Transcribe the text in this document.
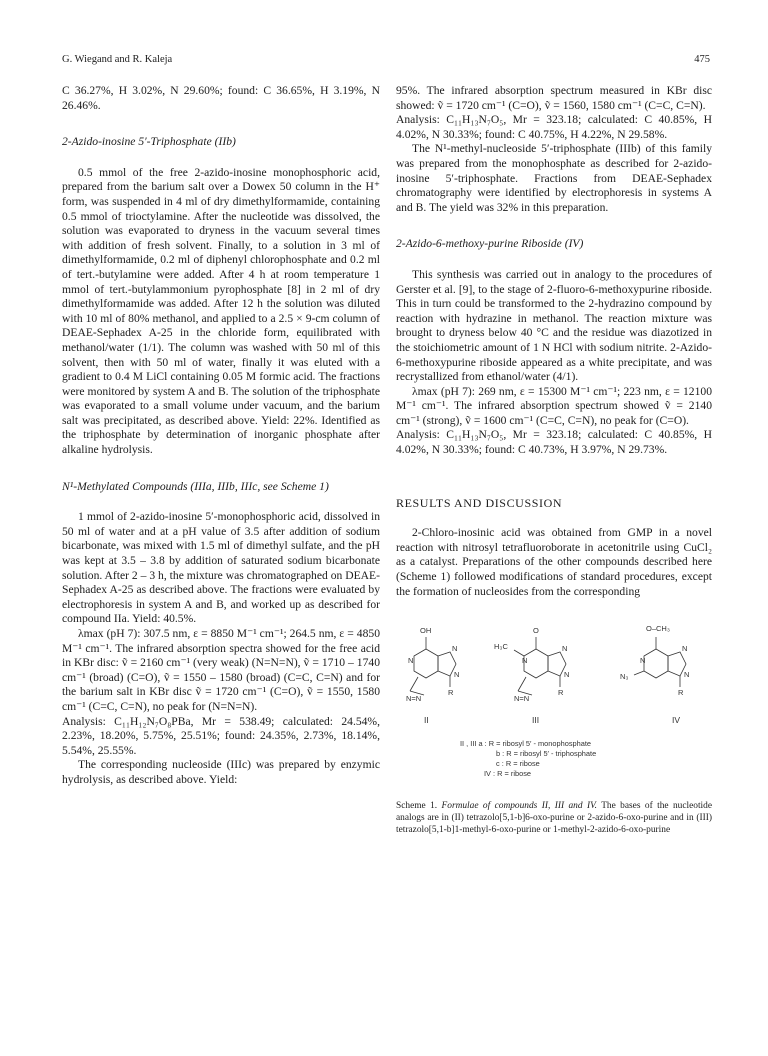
G. Wiegand and R. Kaleja	475

C 36.27%, H 3.02%, N 29.60%; found: C 36.65%, H 3.19%, N 26.46%.

2-Azido-inosine 5′-Triphosphate (IIb)

0.5 mmol of the free 2-azido-inosine monophosphoric acid, prepared from the barium salt over a Dowex 50 column in the H⁺ form, was suspended in 4 ml of dry dimethylformamide, containing 0.5 mmol of trioctylamine. After the nucleotide was dissolved, the solution was evaporated to dryness in the vacuum several times with addition of fresh solvent. Finally, to a solution in 3 ml of dimethylformamide, 0.2 ml of diphenyl chlorophosphate and 0.2 ml of tert.-butylamine were added. After 4 h at room temperature 1 mmol of tert.-butylammonium pyrophosphate [8] in 2 ml of dry dimethylformamide was added. After 12 h the solution was diluted with 10 ml of 80% methanol, and applied to a 2.5 × 9-cm column of DEAE-Sephadex A-25 in the chloride form, equilibrated with methanol/water (1/1). The column was washed with 50 ml of this solvent, then with 50 ml of water, finally it was eluted with a gradient to 0.4 M LiCl containing 0.05 M formic acid. The fractions were monitored by system A and B. The solution of the triphosphate was evaporated to a small volume under vacuum, and the barium salt was precipitated, as described above. Yield: 22%. Identified as the triphosphate by determination of inorganic phosphate after alkaline hydrolysis.

N¹-Methylated Compounds (IIIa, IIIb, IIIc, see Scheme 1)

1 mmol of 2-azido-inosine 5′-monophosphoric acid, dissolved in 50 ml of water and at a pH value of 3.5 after addition of sodium bicarbonate, was mixed with 1.5 ml of dimethyl sulfate, and the pH was kept at 3.5 – 3.8 by addition of saturated sodium bicarbonate solution. After 2 – 3 h, the mixture was chromatographed on DEAE-Sephadex A-25 as described above. The fractions were evaluated by electrophoresis in system A and B, and worked up as described for compound IIa. Yield: 40.5%.

λmax (pH 7): 307.5 nm, ε = 8850 M⁻¹ cm⁻¹; 264.5 nm, ε = 4850 M⁻¹ cm⁻¹. The infrared absorption spectra showed for the free acid in KBr disc: ṽ = 2160 cm⁻¹ (very weak) (N=N=N), ṽ = 1710 – 1740 cm⁻¹ (broad) (C=O), ṽ = 1550 – 1580 (broad) (C=C, C=N) and for the barium salt in KBr disc ṽ = 1720 cm⁻¹ (C=O), ṽ = 1550, 1580 cm⁻¹ (C=C, C=N), no peak for (N=N=N).

Analysis: C₁₁H₁₂N₇O₈PBa, Mr = 538.49; calculated: 24.54%, 2.23%, 18.20%, 5.75%, 25.51%; found: 24.35%, 2.73%, 18.14%, 5.54%, 25.55%.

The corresponding nucleoside (IIIc) was prepared by enzymic hydrolysis, as described above. Yield:

95%. The infrared absorption spectrum measured in KBr disc showed: ṽ = 1720 cm⁻¹ (C=O), ṽ = 1560, 1580 cm⁻¹ (C=C, C=N).

Analysis: C₁₁H₁₃N₇O₅, Mr = 323.18; calculated: C 40.85%, H 4.02%, N 30.33%; found: C 40.75%, H 4.22%, N 29.58%.

The N¹-methyl-nucleoside 5′-triphosphate (IIIb) of this family was prepared from the monophosphate as described for 2-azido-inosine 5′-triphosphate. Fractions from DEAE-Sephadex chromatography were identified by electrophoresis in systems A and B. The yield was 32% in this preparation.

2-Azido-6-methoxy-purine Riboside (IV)

This synthesis was carried out in analogy to the procedures of Gerster et al. [9], to the stage of 2-fluoro-6-methoxypurine riboside. This in turn could be transformed to the 2-hydrazino compound by reaction with hydrazine in methanol. The reaction mixture was brought to dryness below 40 °C and the residue was diazotized in the stoichiometric amount of 1 N HCl with sodium nitrite. 2-Azido-6-methoxypurine riboside appeared as a white precipitate, and was recrystallized from ethanol/water (4/1).

λmax (pH 7): 269 nm, ε = 15300 M⁻¹ cm⁻¹; 223 nm, ε = 12100 M⁻¹ cm⁻¹. The infrared absorption spectrum showed ṽ = 2140 cm⁻¹ (strong), ṽ = 1600 cm⁻¹ (C=C, C=N), no peak for (C=O).

Analysis: C₁₁H₁₃N₇O₅, Mr = 323.18; calculated: C 40.85%, H 4.02%, N 30.33%; found: C 40.73%, H 3.97%, N 29.73%.

RESULTS AND DISCUSSION

2-Chloro-inosinic acid was obtained from GMP in a novel reaction with nitrosyl tetrafluoroborate in acetonitrile using CuCl₂ as a catalyst. Preparations of the other compounds described here (Scheme 1) followed modifications of standard procedures, except the formation of nucleosides from the corresponding

OH
N
N
N
N=N
R
II
O
H₃C
N
N
N
N=N
R
III
O–CH₃
N
N
N
N₃
R
IV
II , III a : R = ribosyl 5′ - monophosphate
b : R = ribosyl 5′ - triphosphate
c : R = ribose
IV : R = ribose
Scheme 1. Formulae of compounds II, III and IV. The bases of the nucleotide analogs are in (II) tetrazolo[5,1-b]6-oxo-purine or 2-azido-6-oxo-purine and in (III) tetrazolo[5,1-b]1-methyl-6-oxo-purine or 1-methyl-2-azido-6-oxo-purine
